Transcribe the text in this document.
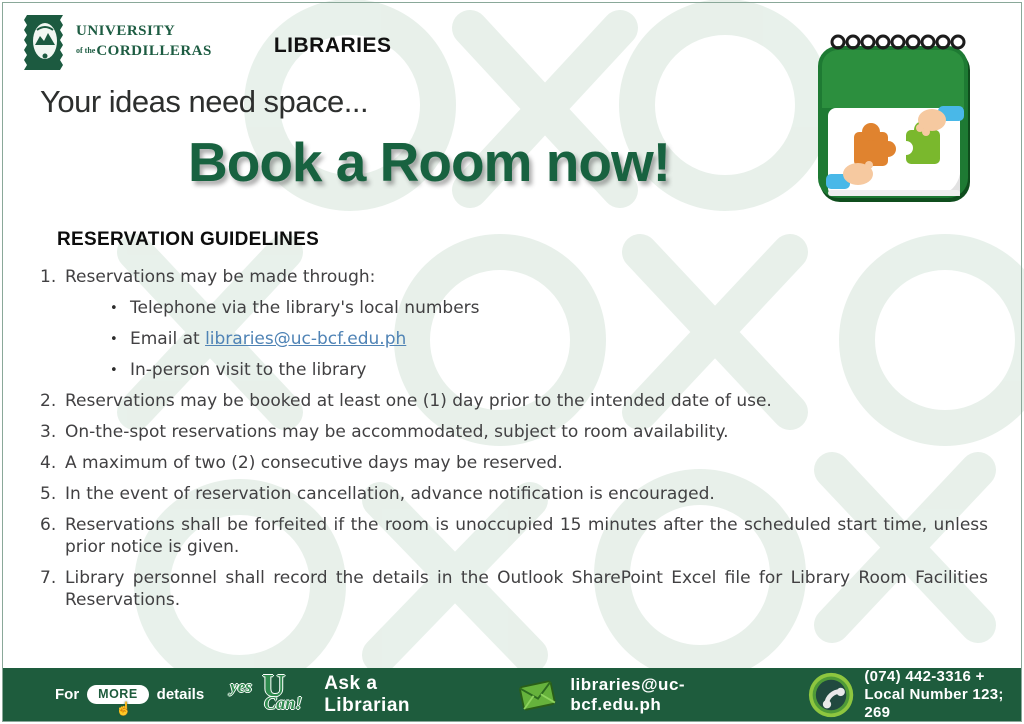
university
of thecordilleras	LIBRARIES
Your ideas need space...
Book a Room now!
RESERVATION GUIDELINES
1. Reservations may be made through:
• Telephone via the library's local numbers
• Email at libraries@uc-bcf.edu.ph
• In-person visit to the library
2. Reservations may be booked at least one (1) day prior to the intended date of use.
3. On-the-spot reservations may be accommodated, subject to room availability.
4. A maximum of two (2) consecutive days may be reserved.
5. In the event of reservation cancellation, advance notification is encouraged.
6. Reservations shall be forfeited if the room is unoccupied 15 minutes after the scheduled start time, unless prior notice is given.
7. Library personnel shall record the details in the Outlook SharePoint Excel file for Library Room Facilities Reservations.
For	MORE
☝
details yes U
Can!
Ask a Librarian
libraries@uc-bcf.edu.ph
(074) 442-3316 +
Local Number 123; 269
